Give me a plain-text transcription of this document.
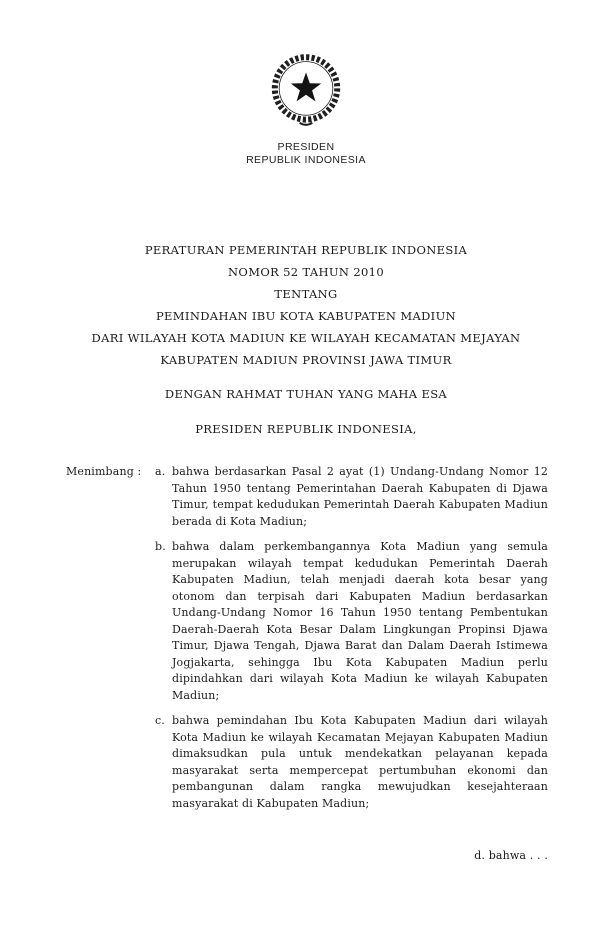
PRESIDEN
REPUBLIK INDONESIA
PERATURAN PEMERINTAH REPUBLIK INDONESIA
NOMOR 52 TAHUN 2010
TENTANG
PEMINDAHAN IBU KOTA KABUPATEN MADIUN
DARI WILAYAH KOTA MADIUN KE WILAYAH KECAMATAN MEJAYAN
KABUPATEN MADIUN PROVINSI JAWA TIMUR
DENGAN RAHMAT TUHAN YANG MAHA ESA
PRESIDEN REPUBLIK INDONESIA,
Menimbang :	a. bahwa berdasarkan Pasal 2 ayat (1) Undang-Undang Nomor 12 Tahun 1950 tentang Pemerintahan Daerah Kabupaten di Djawa Timur, tempat kedudukan Pemerintah Daerah Kabupaten Madiun berada di Kota Madiun;
b. bahwa dalam perkembangannya Kota Madiun yang semula merupakan wilayah tempat kedudukan Pemerintah Daerah Kabupaten Madiun, telah menjadi daerah kota besar yang otonom dan terpisah dari Kabupaten Madiun berdasarkan Undang-Undang Nomor 16 Tahun 1950 tentang Pembentukan Daerah-Daerah Kota Besar Dalam Lingkungan Propinsi Djawa Timur, Djawa Tengah, Djawa Barat dan Dalam Daerah Istimewa Jogjakarta, sehingga Ibu Kota Kabupaten Madiun perlu dipindahkan dari wilayah Kota Madiun ke wilayah Kabupaten Madiun;
c. bahwa pemindahan Ibu Kota Kabupaten Madiun dari wilayah Kota Madiun ke wilayah Kecamatan Mejayan Kabupaten Madiun dimaksudkan pula untuk mendekatkan pelayanan kepada masyarakat serta mempercepat pertumbuhan ekonomi dan pembangunan dalam rangka mewujudkan kesejahteraan masyarakat di Kabupaten Madiun;
d. bahwa . . .
